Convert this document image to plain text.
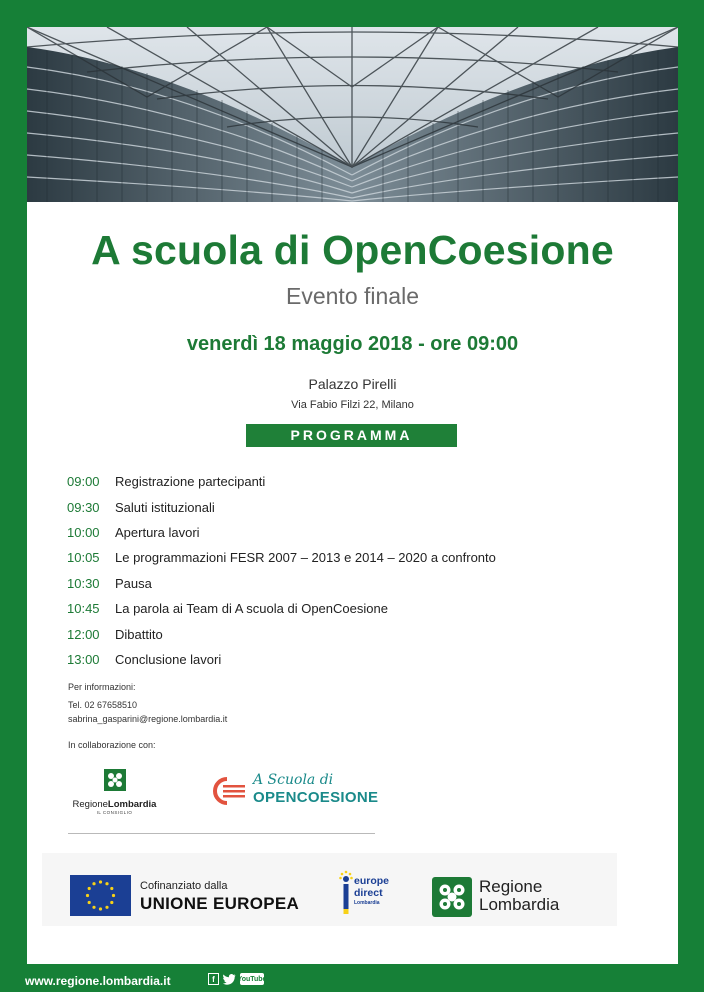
A scuola di OpenCoesione
Evento finale
venerdì 18 maggio 2018 - ore 09:00
Palazzo Pirelli
Via Fabio Filzi 22, Milano
PROGRAMMA
09:00	Registrazione partecipanti
09:30	Saluti istituzionali
10:00	Apertura lavori
10:05	Le programmazioni FESR 2007 – 2013 e 2014 – 2020 a confronto
10:30	Pausa
10:45	La parola ai Team di A scuola di OpenCoesione
12:00	Dibattito
13:00	Conclusione lavori
Per informazioni:
Tel. 02 67658510
sabrina_gasparini@regione.lombardia.it
In collaborazione con:
RegioneLombardia
IL CONSIGLIO
A Scuola di
OPENCOESIONE
Cofinanziato dalla
UNIONE EUROPEA
europe
direct
Lombardia
Regione
Lombardia
www.regione.lombardia.it	f	YouTube
